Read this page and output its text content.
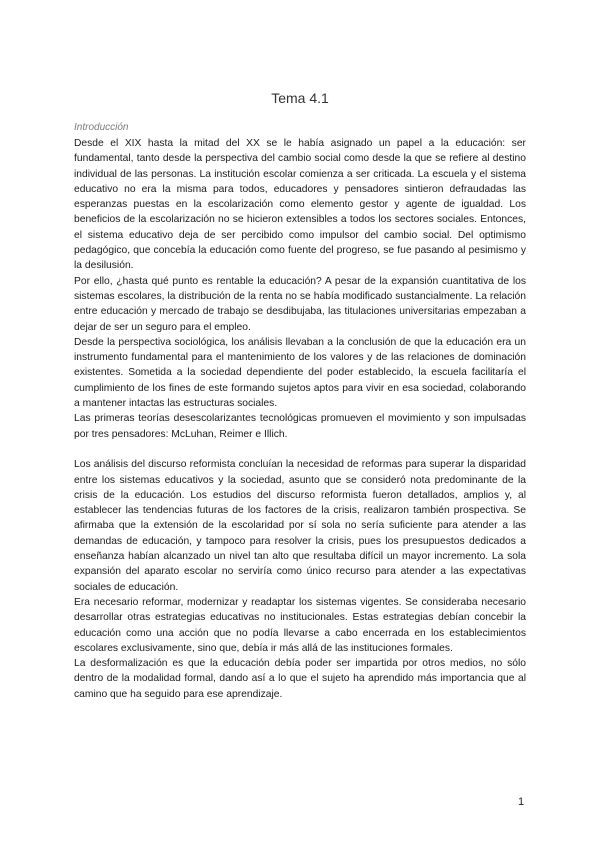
Tema 4.1
Introducción

Desde el XIX hasta la mitad del XX se le había asignado un papel a la educación: ser fundamental, tanto desde la perspectiva del cambio social como desde la que se refiere al destino individual de las personas. La institución escolar comienza a ser criticada. La escuela y el sistema educativo no era la misma para todos, educadores y pensadores sintieron defraudadas las esperanzas puestas en la escolarización como elemento gestor y agente de igualdad. Los beneficios de la escolarización no se hicieron extensibles a todos los sectores sociales. Entonces, el sistema educativo deja de ser percibido como impulsor del cambio social. Del optimismo pedagógico, que concebía la educación como fuente del progreso, se fue pasando al pesimismo y la desilusión.

Por ello, ¿hasta qué punto es rentable la educación? A pesar de la expansión cuantitativa de los sistemas escolares, la distribución de la renta no se había modificado sustancialmente. La relación entre educación y mercado de trabajo se desdibujaba, las titulaciones universitarias empezaban a dejar de ser un seguro para el empleo.

Desde la perspectiva sociológica, los análisis llevaban a la conclusión de que la educación era un instrumento fundamental para el mantenimiento de los valores y de las relaciones de dominación existentes. Sometida a la sociedad dependiente del poder establecido, la escuela facilitaría el cumplimiento de los fines de este formando sujetos aptos para vivir en esa sociedad, colaborando a mantener intactas las estructuras sociales.

Las primeras teorías desescolarizantes tecnológicas promueven el movimiento y son impulsadas por tres pensadores: McLuhan, Reimer e Illich.

Los análisis del discurso reformista concluían la necesidad de reformas para superar la disparidad entre los sistemas educativos y la sociedad, asunto que se consideró nota predominante de la crisis de la educación. Los estudios del discurso reformista fueron detallados, amplios y, al establecer las tendencias futuras de los factores de la crisis, realizaron también prospectiva. Se afirmaba que la extensión de la escolaridad por sí sola no sería suficiente para atender a las demandas de educación, y tampoco para resolver la crisis, pues los presupuestos dedicados a enseñanza habían alcanzado un nivel tan alto que resultaba difícil un mayor incremento. La sola expansión del aparato escolar no serviría como único recurso para atender a las expectativas sociales de educación.

Era necesario reformar, modernizar y readaptar los sistemas vigentes. Se consideraba necesario desarrollar otras estrategias educativas no institucionales. Estas estrategias debían concebir la educación como una acción que no podía llevarse a cabo encerrada en los establecimientos escolares exclusivamente, sino que, debía ir más allá de las instituciones formales.

La desformalización es que la educación debía poder ser impartida por otros medios, no sólo dentro de la modalidad formal, dando así a lo que el sujeto ha aprendido más importancia que al camino que ha seguido para ese aprendizaje.

1
